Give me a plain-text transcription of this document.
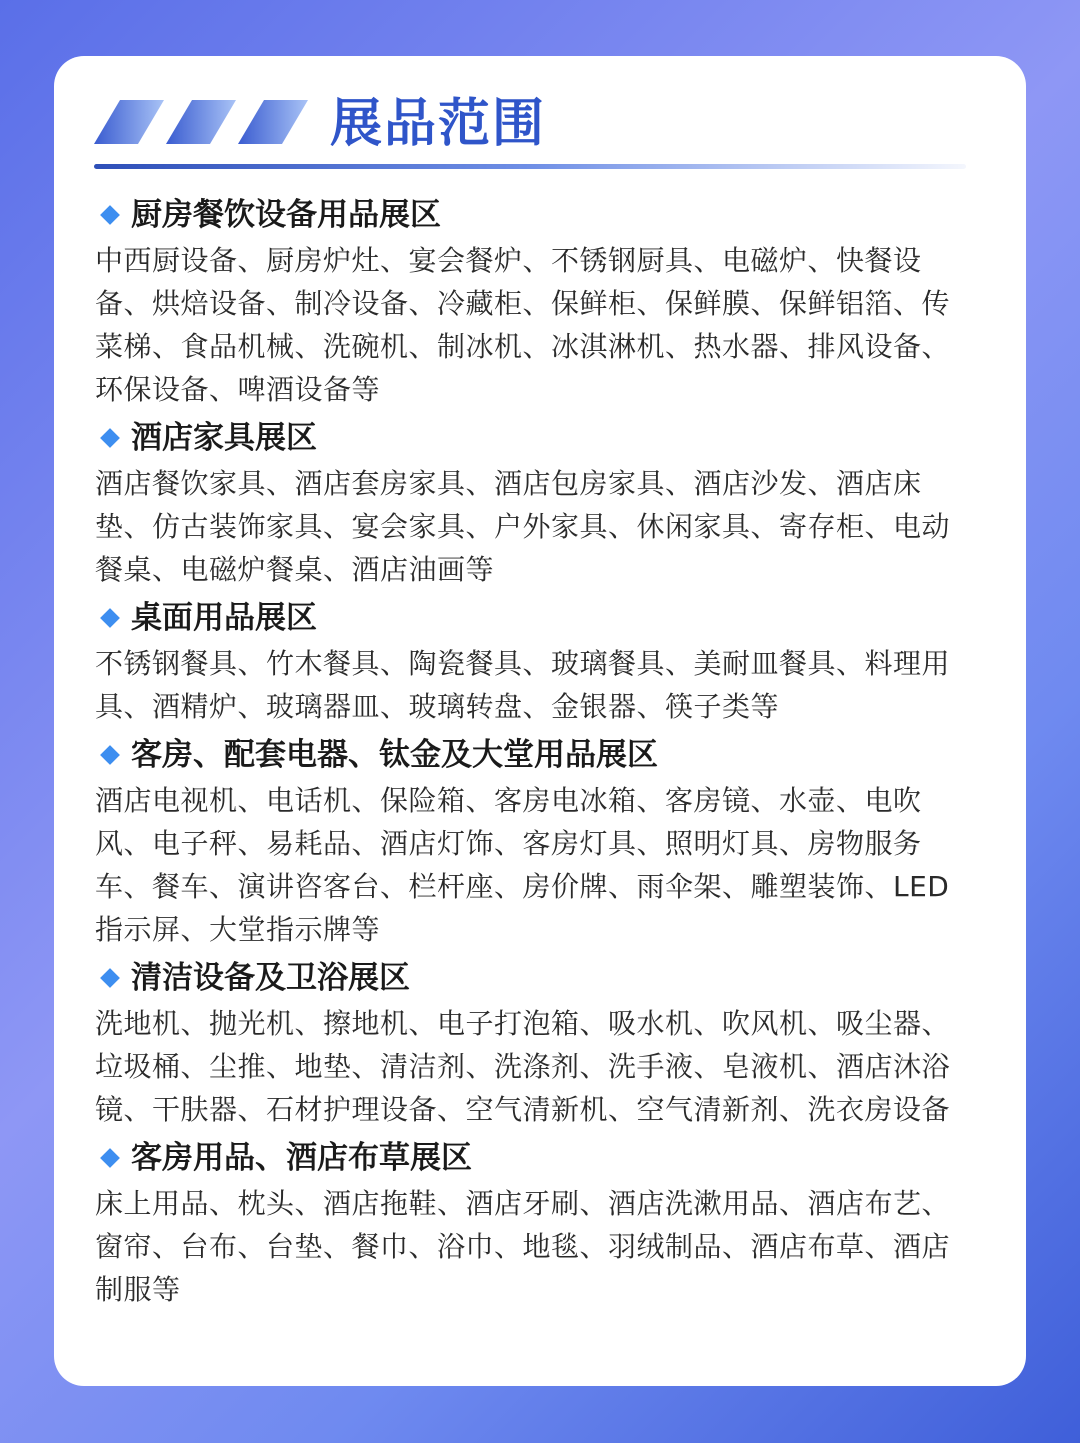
展品范围
厨房餐饮设备用品展区
中西厨设备、厨房炉灶、宴会餐炉、不锈钢厨具、电磁炉、快餐设
备、烘焙设备、制冷设备、冷藏柜、保鲜柜、保鲜膜、保鲜铝箔、传
菜梯、食品机械、洗碗机、制冰机、冰淇淋机、热水器、排风设备、
环保设备、啤酒设备等
酒店家具展区
酒店餐饮家具、酒店套房家具、酒店包房家具、酒店沙发、酒店床
垫、仿古装饰家具、宴会家具、户外家具、休闲家具、寄存柜、电动
餐桌、电磁炉餐桌、酒店油画等
桌面用品展区
不锈钢餐具、竹木餐具、陶瓷餐具、玻璃餐具、美耐皿餐具、料理用
具、酒精炉、玻璃器皿、玻璃转盘、金银器、筷子类等
客房、配套电器、钛金及大堂用品展区
酒店电视机、电话机、保险箱、客房电冰箱、客房镜、水壶、电吹
风、电子秤、易耗品、酒店灯饰、客房灯具、照明灯具、房物服务
车、餐车、演讲咨客台、栏杆座、房价牌、雨伞架、雕塑装饰、LED
指示屏、大堂指示牌等
清洁设备及卫浴展区
洗地机、抛光机、擦地机、电子打泡箱、吸水机、吹风机、吸尘器、
垃圾桶、尘推、地垫、清洁剂、洗涤剂、洗手液、皂液机、酒店沐浴
镜、干肤器、石材护理设备、空气清新机、空气清新剂、洗衣房设备
客房用品、酒店布草展区
床上用品、枕头、酒店拖鞋、酒店牙刷、酒店洗漱用品、酒店布艺、
窗帘、台布、台垫、餐巾、浴巾、地毯、羽绒制品、酒店布草、酒店
制服等
